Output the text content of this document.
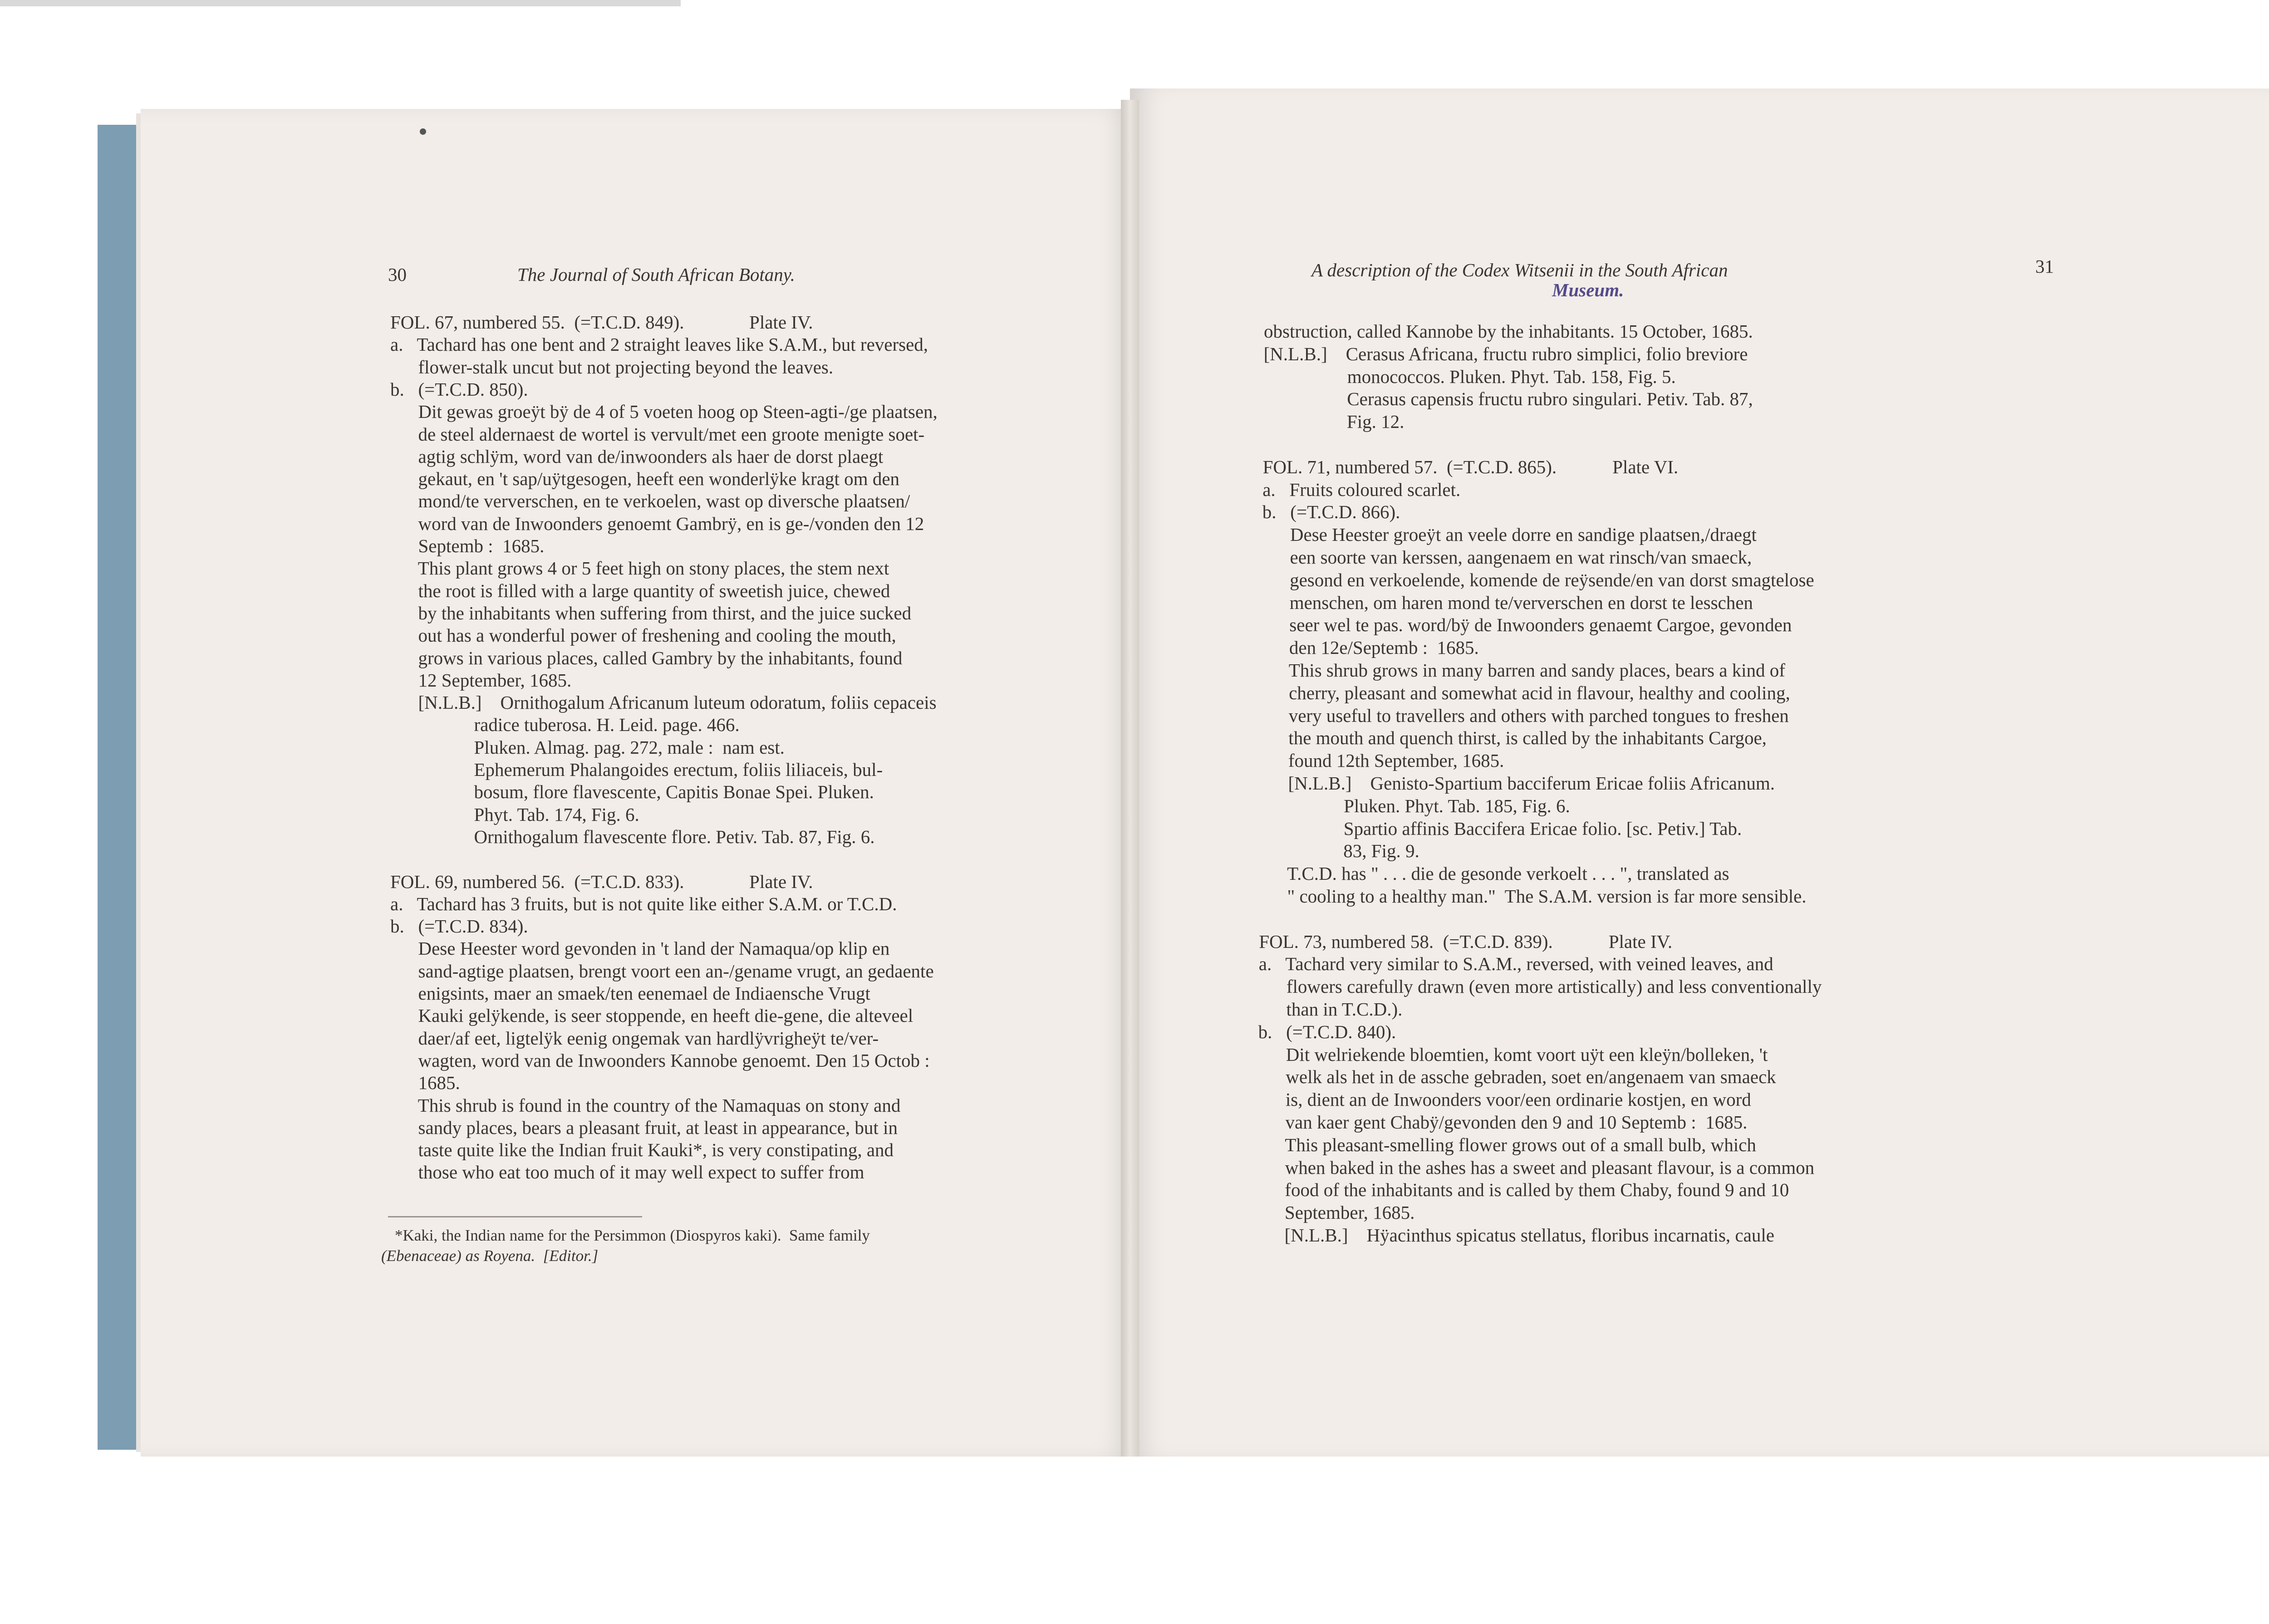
30	The Journal of South African Botany.
FOL. 67, numbered 55.  (=T.C.D. 849).              Plate IV.
a.   Tachard has one bent and 2 straight leaves like S.A.M., but reversed,
flower-stalk uncut but not projecting beyond the leaves.
b.   (=T.C.D. 850).
Dit gewas groeÿt bÿ de 4 of 5 voeten hoog op Steen-agti-/ge plaatsen,
de steel aldernaest de wortel is vervult/met een groote menigte soet-
agtig schlÿm, word van de/inwoonders als haer de dorst plaegt
gekaut, en 't sap/uÿtgesogen, heeft een wonderlÿke kragt om den
mond/te ververschen, en te verkoelen, wast op diversche plaatsen/
word van de Inwoonders genoemt Gambrÿ, en is ge-/vonden den 12
Septemb :  1685.
This plant grows 4 or 5 feet high on stony places, the stem next
the root is filled with a large quantity of sweetish juice, chewed
by the inhabitants when suffering from thirst, and the juice sucked
out has a wonderful power of freshening and cooling the mouth,
grows in various places, called Gambry by the inhabitants, found
12 September, 1685.
[N.L.B.]    Ornithogalum Africanum luteum odoratum, foliis cepaceis
radice tuberosa. H. Leid. page. 466.
Pluken. Almag. pag. 272, male :  nam est.
Ephemerum Phalangoides erectum, foliis liliaceis, bul-
bosum, flore flavescente, Capitis Bonae Spei. Pluken.
Phyt. Tab. 174, Fig. 6.
Ornithogalum flavescente flore. Petiv. Tab. 87, Fig. 6.
FOL. 69, numbered 56.  (=T.C.D. 833).              Plate IV.
a.   Tachard has 3 fruits, but is not quite like either S.A.M. or T.C.D.
b.   (=T.C.D. 834).
Dese Heester word gevonden in 't land der Namaqua/op klip en
sand-agtige plaatsen, brengt voort een an-/gename vrugt, an gedaente
enigsints, maer an smaek/ten eenemael de Indiaensche Vrugt
Kauki gelÿkende, is seer stoppende, en heeft die-gene, die alteveel
daer/af eet, ligtelÿk eenig ongemak van hardlÿvrigheÿt te/ver-
wagten, word van de Inwoonders Kannobe genoemt. Den 15 Octob :
1685.
This shrub is found in the country of the Namaquas on stony and
sandy places, bears a pleasant fruit, at least in appearance, but in
taste quite like the Indian fruit Kauki*, is very constipating, and
those who eat too much of it may well expect to suffer from
*Kaki, the Indian name for the Persimmon (Diospyros kaki).  Same family
(Ebenaceae) as Royena.  [Editor.]
A description of the Codex Witsenii in the South African
Museum.
31
obstruction, called Kannobe by the inhabitants. 15 October, 1685.
[N.L.B.]    Cerasus Africana, fructu rubro simplici, folio breviore
monococcos. Pluken. Phyt. Tab. 158, Fig. 5.
Cerasus capensis fructu rubro singulari. Petiv. Tab. 87,
Fig. 12.
FOL. 71, numbered 57.  (=T.C.D. 865).            Plate VI.
a.   Fruits coloured scarlet.
b.   (=T.C.D. 866).
Dese Heester groeÿt an veele dorre en sandige plaatsen,/draegt
een soorte van kerssen, aangenaem en wat rinsch/van smaeck,
gesond en verkoelende, komende de reÿsende/en van dorst smagtelose
menschen, om haren mond te/ververschen en dorst te lesschen
seer wel te pas. word/bÿ de Inwoonders genaemt Cargoe, gevonden
den 12e/Septemb :  1685.
This shrub grows in many barren and sandy places, bears a kind of
cherry, pleasant and somewhat acid in flavour, healthy and cooling,
very useful to travellers and others with parched tongues to freshen
the mouth and quench thirst, is called by the inhabitants Cargoe,
found 12th September, 1685.
[N.L.B.]    Genisto-Spartium bacciferum Ericae foliis Africanum.
Pluken. Phyt. Tab. 185, Fig. 6.
Spartio affinis Baccifera Ericae folio. [sc. Petiv.] Tab.
83, Fig. 9.
T.C.D. has " . . . die de gesonde verkoelt . . . ", translated as
" cooling to a healthy man."  The S.A.M. version is far more sensible.
FOL. 73, numbered 58.  (=T.C.D. 839).            Plate IV.
a.   Tachard very similar to S.A.M., reversed, with veined leaves, and
flowers carefully drawn (even more artistically) and less conventionally
than in T.C.D.).
b.   (=T.C.D. 840).
Dit welriekende bloemtien, komt voort uÿt een kleÿn/bolleken, 't
welk als het in de assche gebraden, soet en/angenaem van smaeck
is, dient an de Inwoonders voor/een ordinarie kostjen, en word
van kaer gent Chabÿ/gevonden den 9 and 10 Septemb :  1685.
This pleasant-smelling flower grows out of a small bulb, which
when baked in the ashes has a sweet and pleasant flavour, is a common
food of the inhabitants and is called by them Chaby, found 9 and 10
September, 1685.
[N.L.B.]    Hÿacinthus spicatus stellatus, floribus incarnatis, caule
